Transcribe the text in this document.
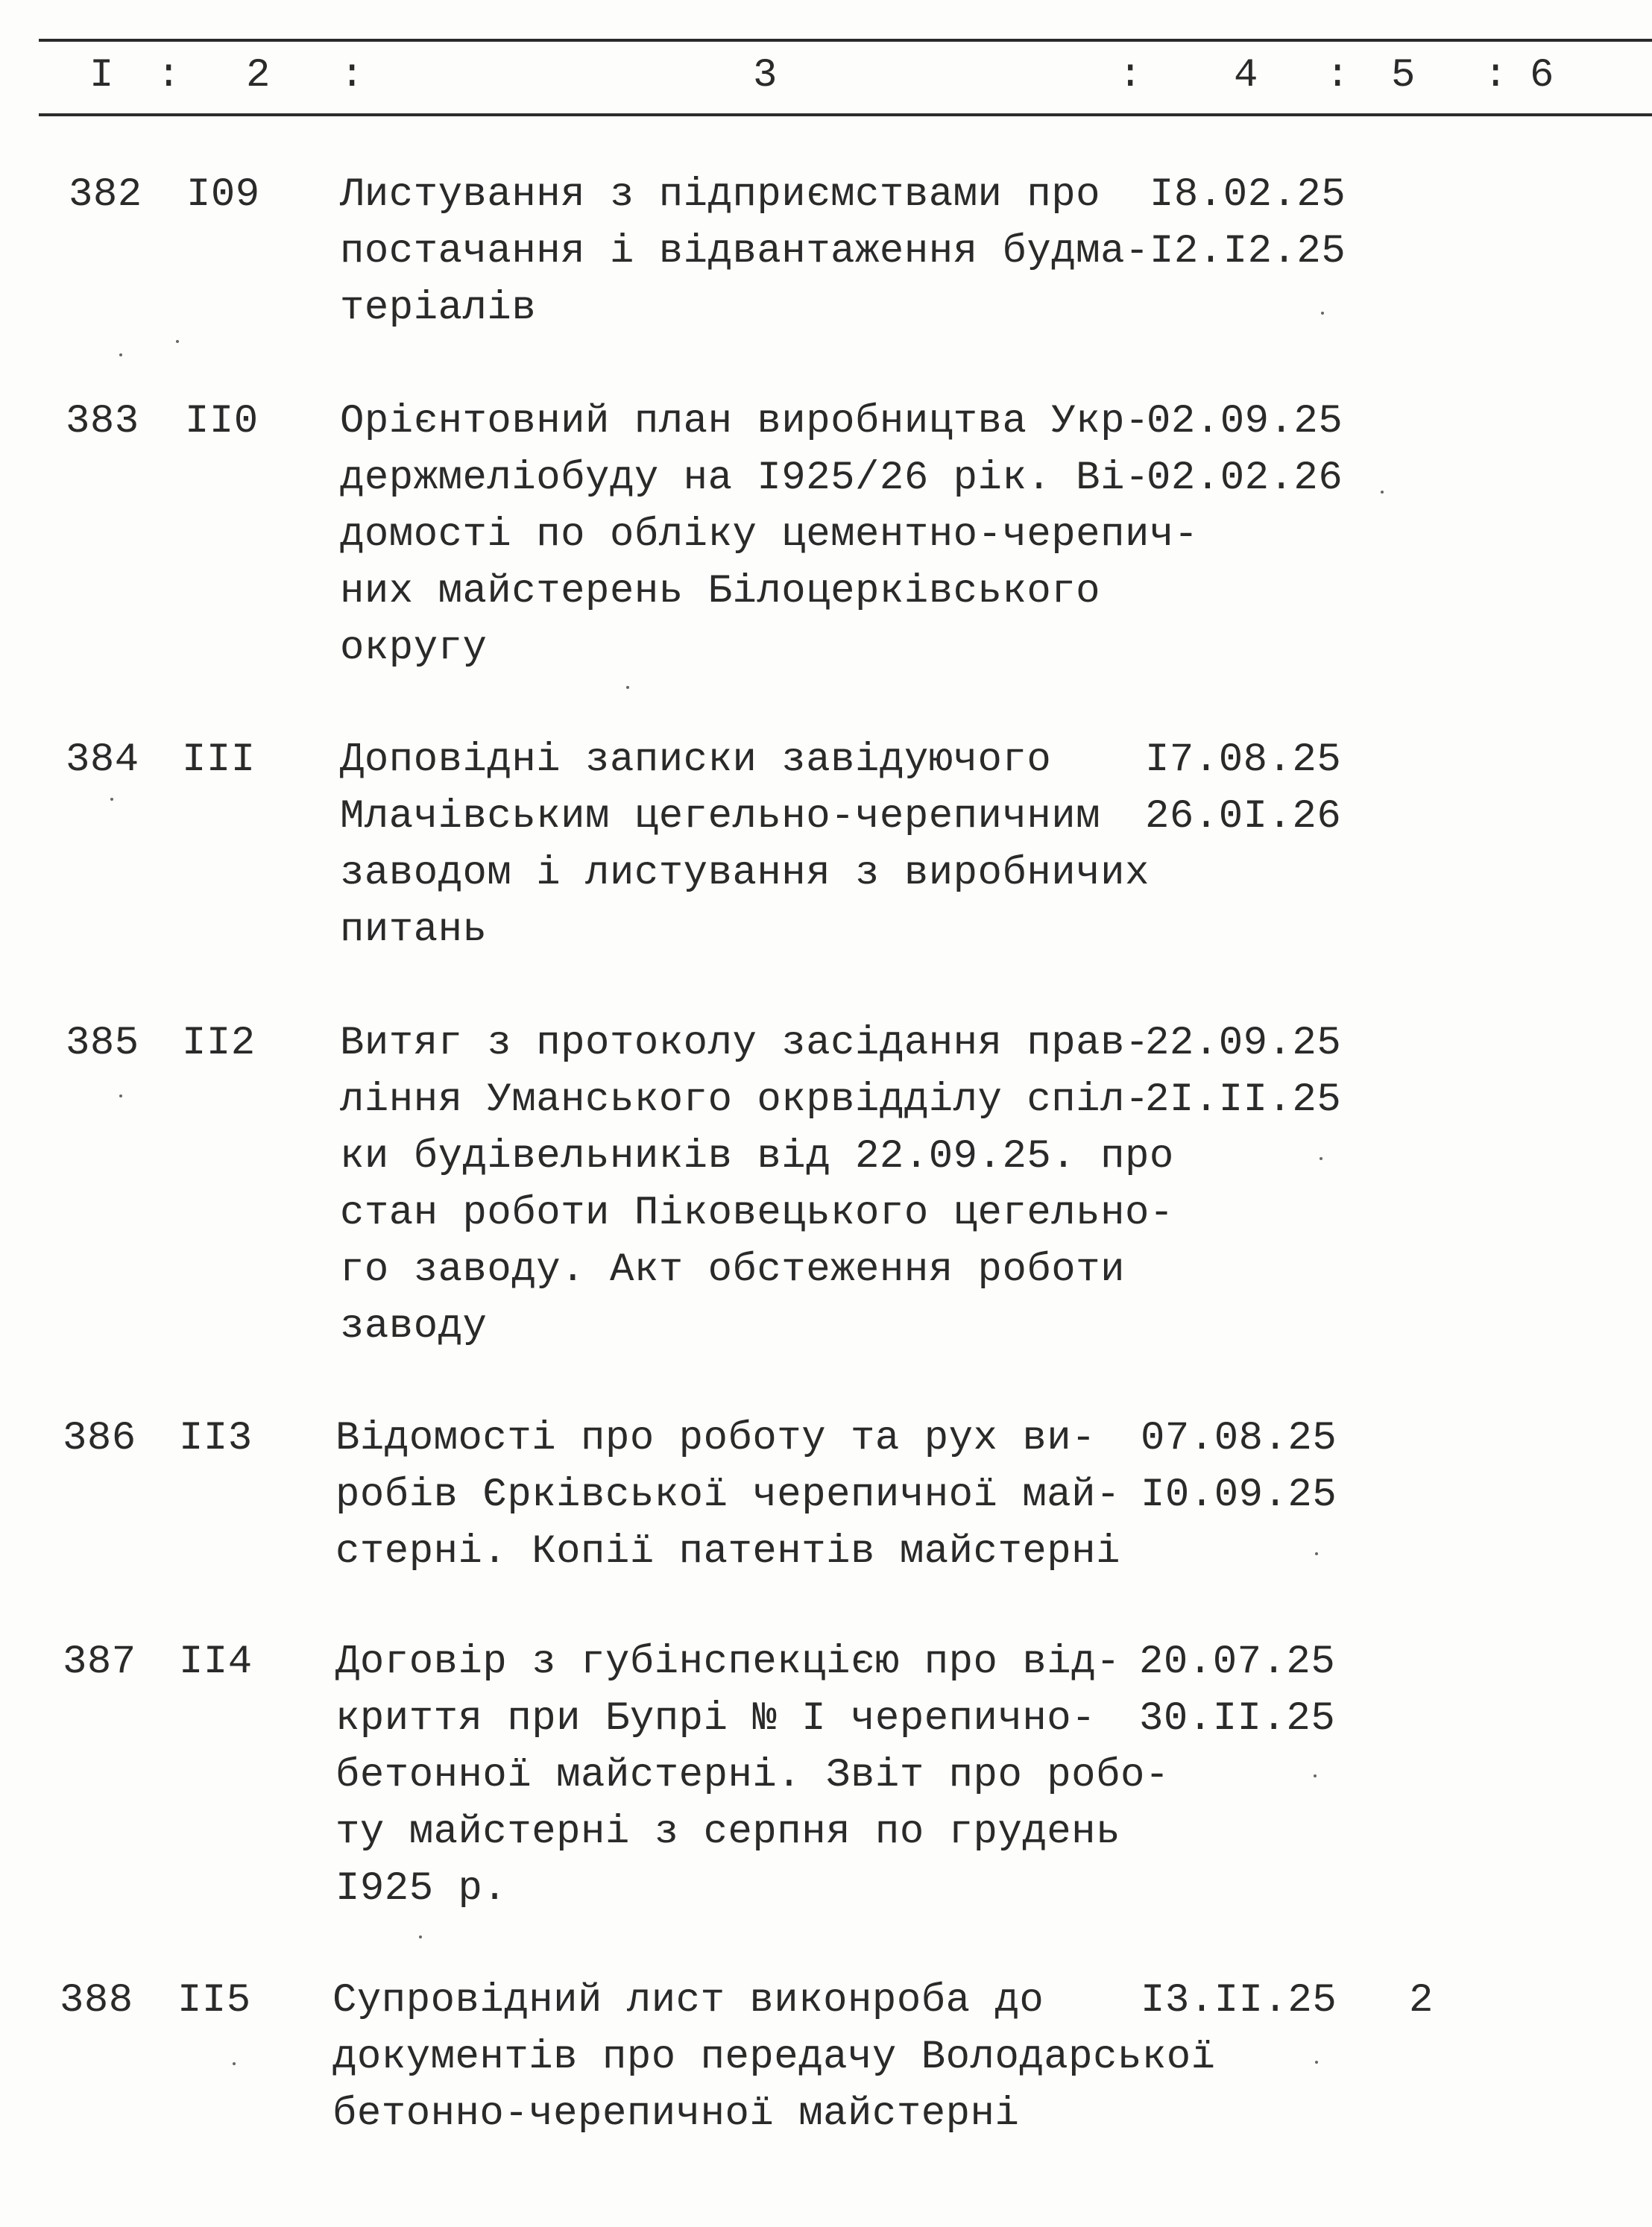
I : 2 :	3	: 4 : 5 : 6
382 I09 Листування з підприємствами про
постачання і відвантаження будма-
теріалів
I8.02.25
I2.I2.25
383 II0 Орієнтовний план виробництва Укр-
держмеліобуду на I925/26 рік. Ві-
домості по обліку цементно-черепич-
них майстерень Білоцерківського
округу
02.09.25
02.02.26
384 III Доповідні записки завідуючого
Млачівським цегельно-черепичним
заводом і листування з виробничих
питань
I7.08.25
26.0I.26
385 II2 Витяг з протоколу засідання прав-
ління Уманського окрвідділу спіл-
ки будівельників від 22.09.25. про
стан роботи Піковецького цегельно-
го заводу. Акт обстеження роботи
заводу
22.09.25
2I.II.25
386 II3 Відомості про роботу та рух ви-
робів Єрківської черепичної май-
стерні. Копії патентів майстерні
07.08.25
I0.09.25
387 II4 Договір з губінспекцією про від-
криття при Бупрі № I черепично-
бетонної майстерні. Звіт про робо-
ту майстерні з серпня по грудень
I925 р.
20.07.25
30.II.25
388 II5 Супровідний лист виконроба до
документів про передачу Володарської
бетонно-черепичної майстерні
I3.II.25 2
